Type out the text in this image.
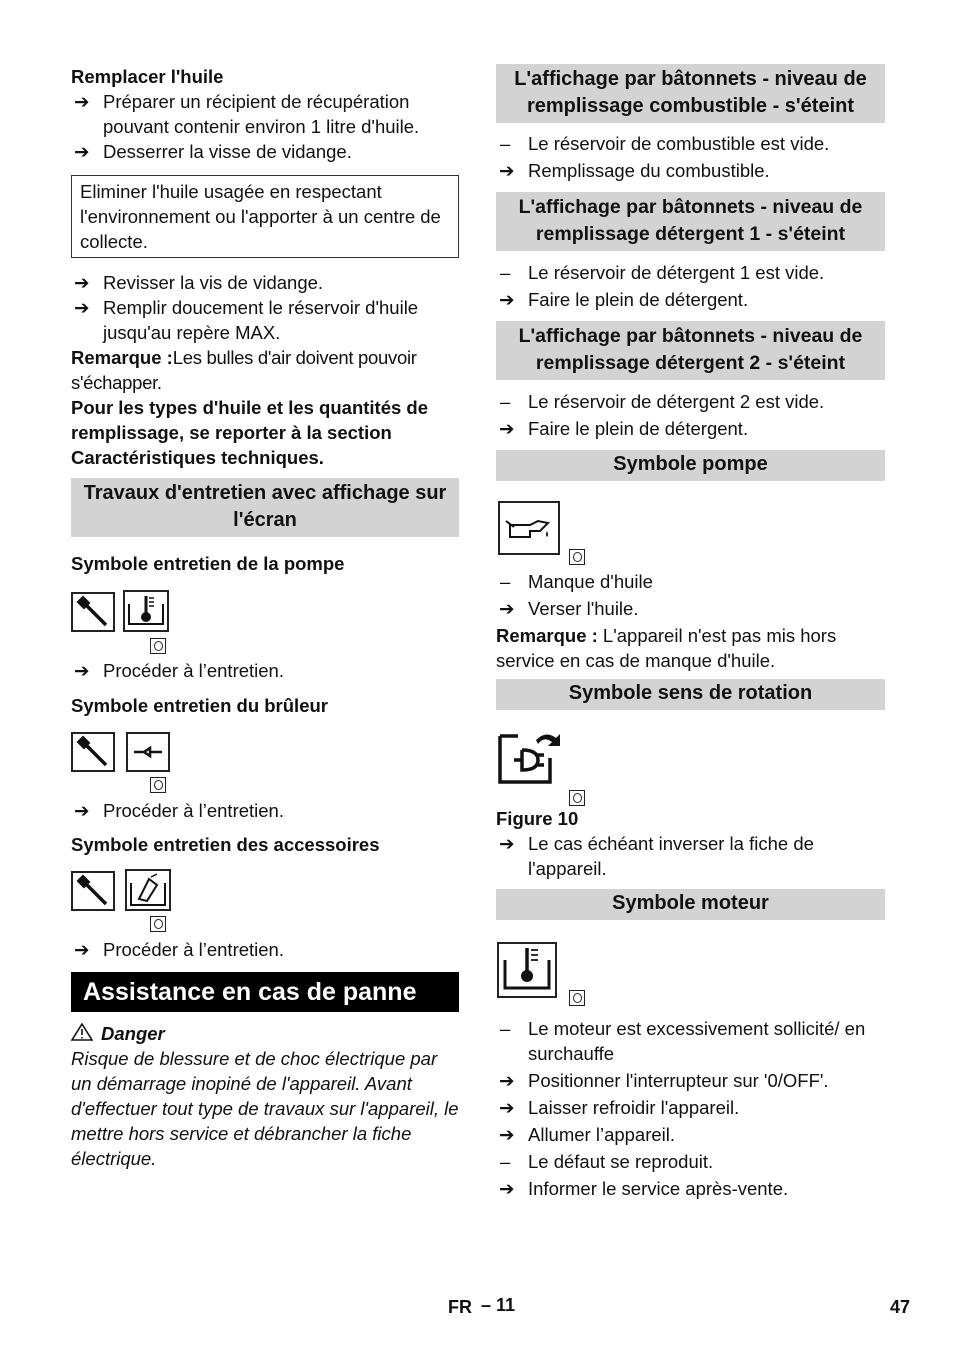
Remplacer l'huile

➔ Préparer un récipient de récupération pouvant contenir environ 1 litre d'huile.

➔ Desserrer la visse de vidange.

Eliminer l'huile usagée en respectant l'environnement ou l'apporter à un centre de collecte.

➔ Revisser la vis de vidange.

➔ Remplir doucement le réservoir d'huile jusqu'au repère MAX.

Remarque :Les bulles d'air doivent pouvoir s'échapper.

Pour les types d'huile et les quantités de remplissage, se reporter à la section Caractéristiques techniques.

Travaux d'entretien avec affichage sur l'écran

Symbole entretien de la pompe

➔ Procéder à l’entretien.

Symbole entretien du brûleur

➔ Procéder à l’entretien.

Symbole entretien des accessoires

➔ Procéder à l’entretien.

Assistance en cas de panne

Danger

Risque de blessure et de choc électrique par un démarrage inopiné de l'appareil. Avant d'effectuer tout type de travaux sur l'appareil, le mettre hors service et débrancher la fiche électrique.

L'affichage par bâtonnets - niveau de remplissage combustible - s'éteint

– Le réservoir de combustible est vide.

➔ Remplissage du combustible.

L'affichage par bâtonnets - niveau de remplissage détergent 1 - s'éteint

– Le réservoir de détergent 1 est vide.

➔ Faire le plein de détergent.

L'affichage par bâtonnets - niveau de remplissage détergent 2 - s'éteint

– Le réservoir de détergent 2 est vide.

➔ Faire le plein de détergent.

Symbole pompe

– Manque d'huile

➔ Verser l'huile.

Remarque : L'appareil n'est pas mis hors service en cas de manque d'huile.

Symbole sens de rotation

Figure 10

➔ Le cas échéant inverser la fiche de l'appareil.

Symbole moteur

– Le moteur est excessivement sollicité/ en surchauffe

➔ Positionner l'interrupteur sur '0/OFF'.

➔ Laisser refroidir l'appareil.

➔ Allumer l’appareil.

– Le défaut se reproduit.

➔ Informer le service après-vente.

FR – 11	47
